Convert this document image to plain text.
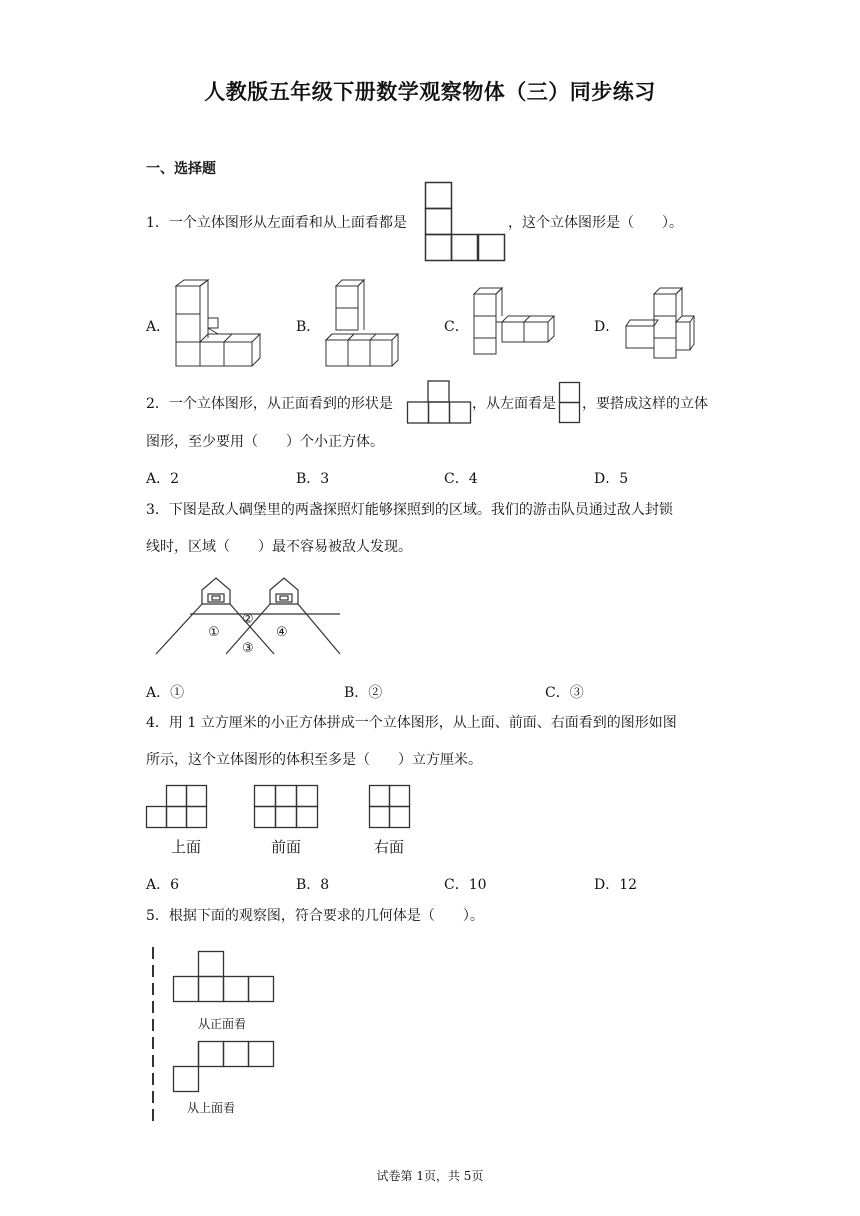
人教版五年级下册数学观察物体（三）同步练习
一、选择题
1．一个立体图形从左面看和从上面看都是	，这个立体图形是（　　）。
A．	B．	C．	D．
2．一个立体图形，从正面看到的形状是	，从左面看是 ，要搭成这样的立体
图形，至少要用（　　）个小正方体。
A．2	B．3	C．4	D．5
3．下图是敌人碉堡里的两盏探照灯能够探照到的区域。我们的游击队员通过敌人封锁
线时，区域（　　）最不容易被敌人发现。
①
②
③
④
A．①	B．②	C．③
4．用 1 立方厘米的小正方体拼成一个立体图形，从上面、前面、右面看到的图形如图
所示，这个立体图形的体积至多是（　　）立方厘米。
上面	前面	右面
A．6	B．8	C．10	D．12
5．根据下面的观察图，符合要求的几何体是（　　）。
从正面看
从上面看
试卷第 1页，共 5页
